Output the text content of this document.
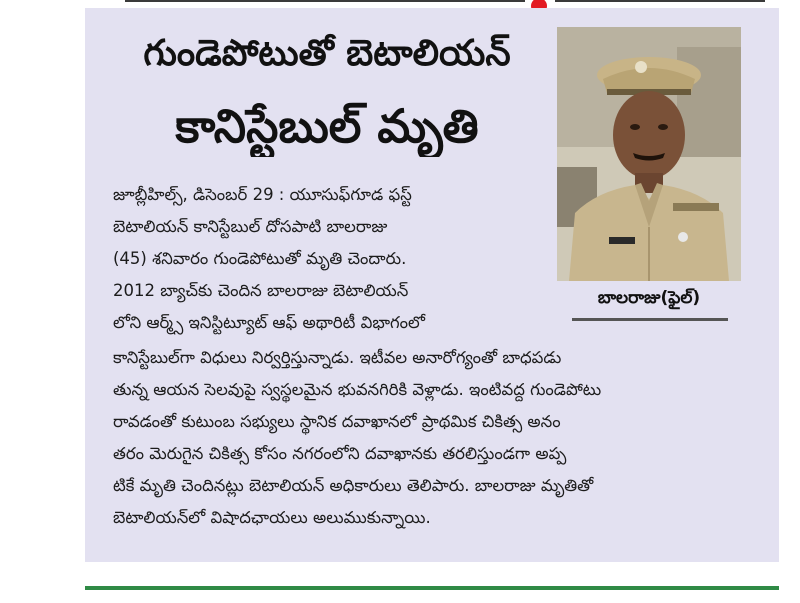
గుండెపోటుతో బెటాలియన్
కానిస్టేబుల్ మృతి
బాలరాజు(ఫైల్)
జూబ్లీహిల్స్, డిసెంబర్ 29 : యూసుఫ్‌గూడ ఫస్ట్
బెటాలియన్ కానిస్టేబుల్ దోసపాటి బాలరాజు
(45) శనివారం గుండెపోటుతో మృతి చెందారు.
2012 బ్యాచ్‌కు చెందిన బాలరాజు బెటాలియన్
లోని ఆర్మ్స్ ఇనిస్టిట్యూట్ ఆఫ్ అథారిటీ విభాగంలో
కానిస్టేబుల్‌గా విధులు నిర్వర్తిస్తున్నాడు. ఇటీవల అనారోగ్యంతో బాధపడు
తున్న ఆయన సెలవుపై స్వస్థలమైన భువనగిరికి వెళ్లాడు. ఇంటివద్ద గుండెపోటు
రావడంతో కుటుంబ సభ్యులు స్థానిక దవాఖానలో ప్రాథమిక చికిత్స అనం
తరం మెరుగైన చికిత్స కోసం నగరంలోని దవాఖానకు తరలిస్తుండగా అప్ప
టికే మృతి చెందినట్లు బెటాలియన్ అధికారులు తెలిపారు. బాలరాజు మృతితో
బెటాలియన్‌లో విషాదఛాయలు అలుముకున్నాయి.
